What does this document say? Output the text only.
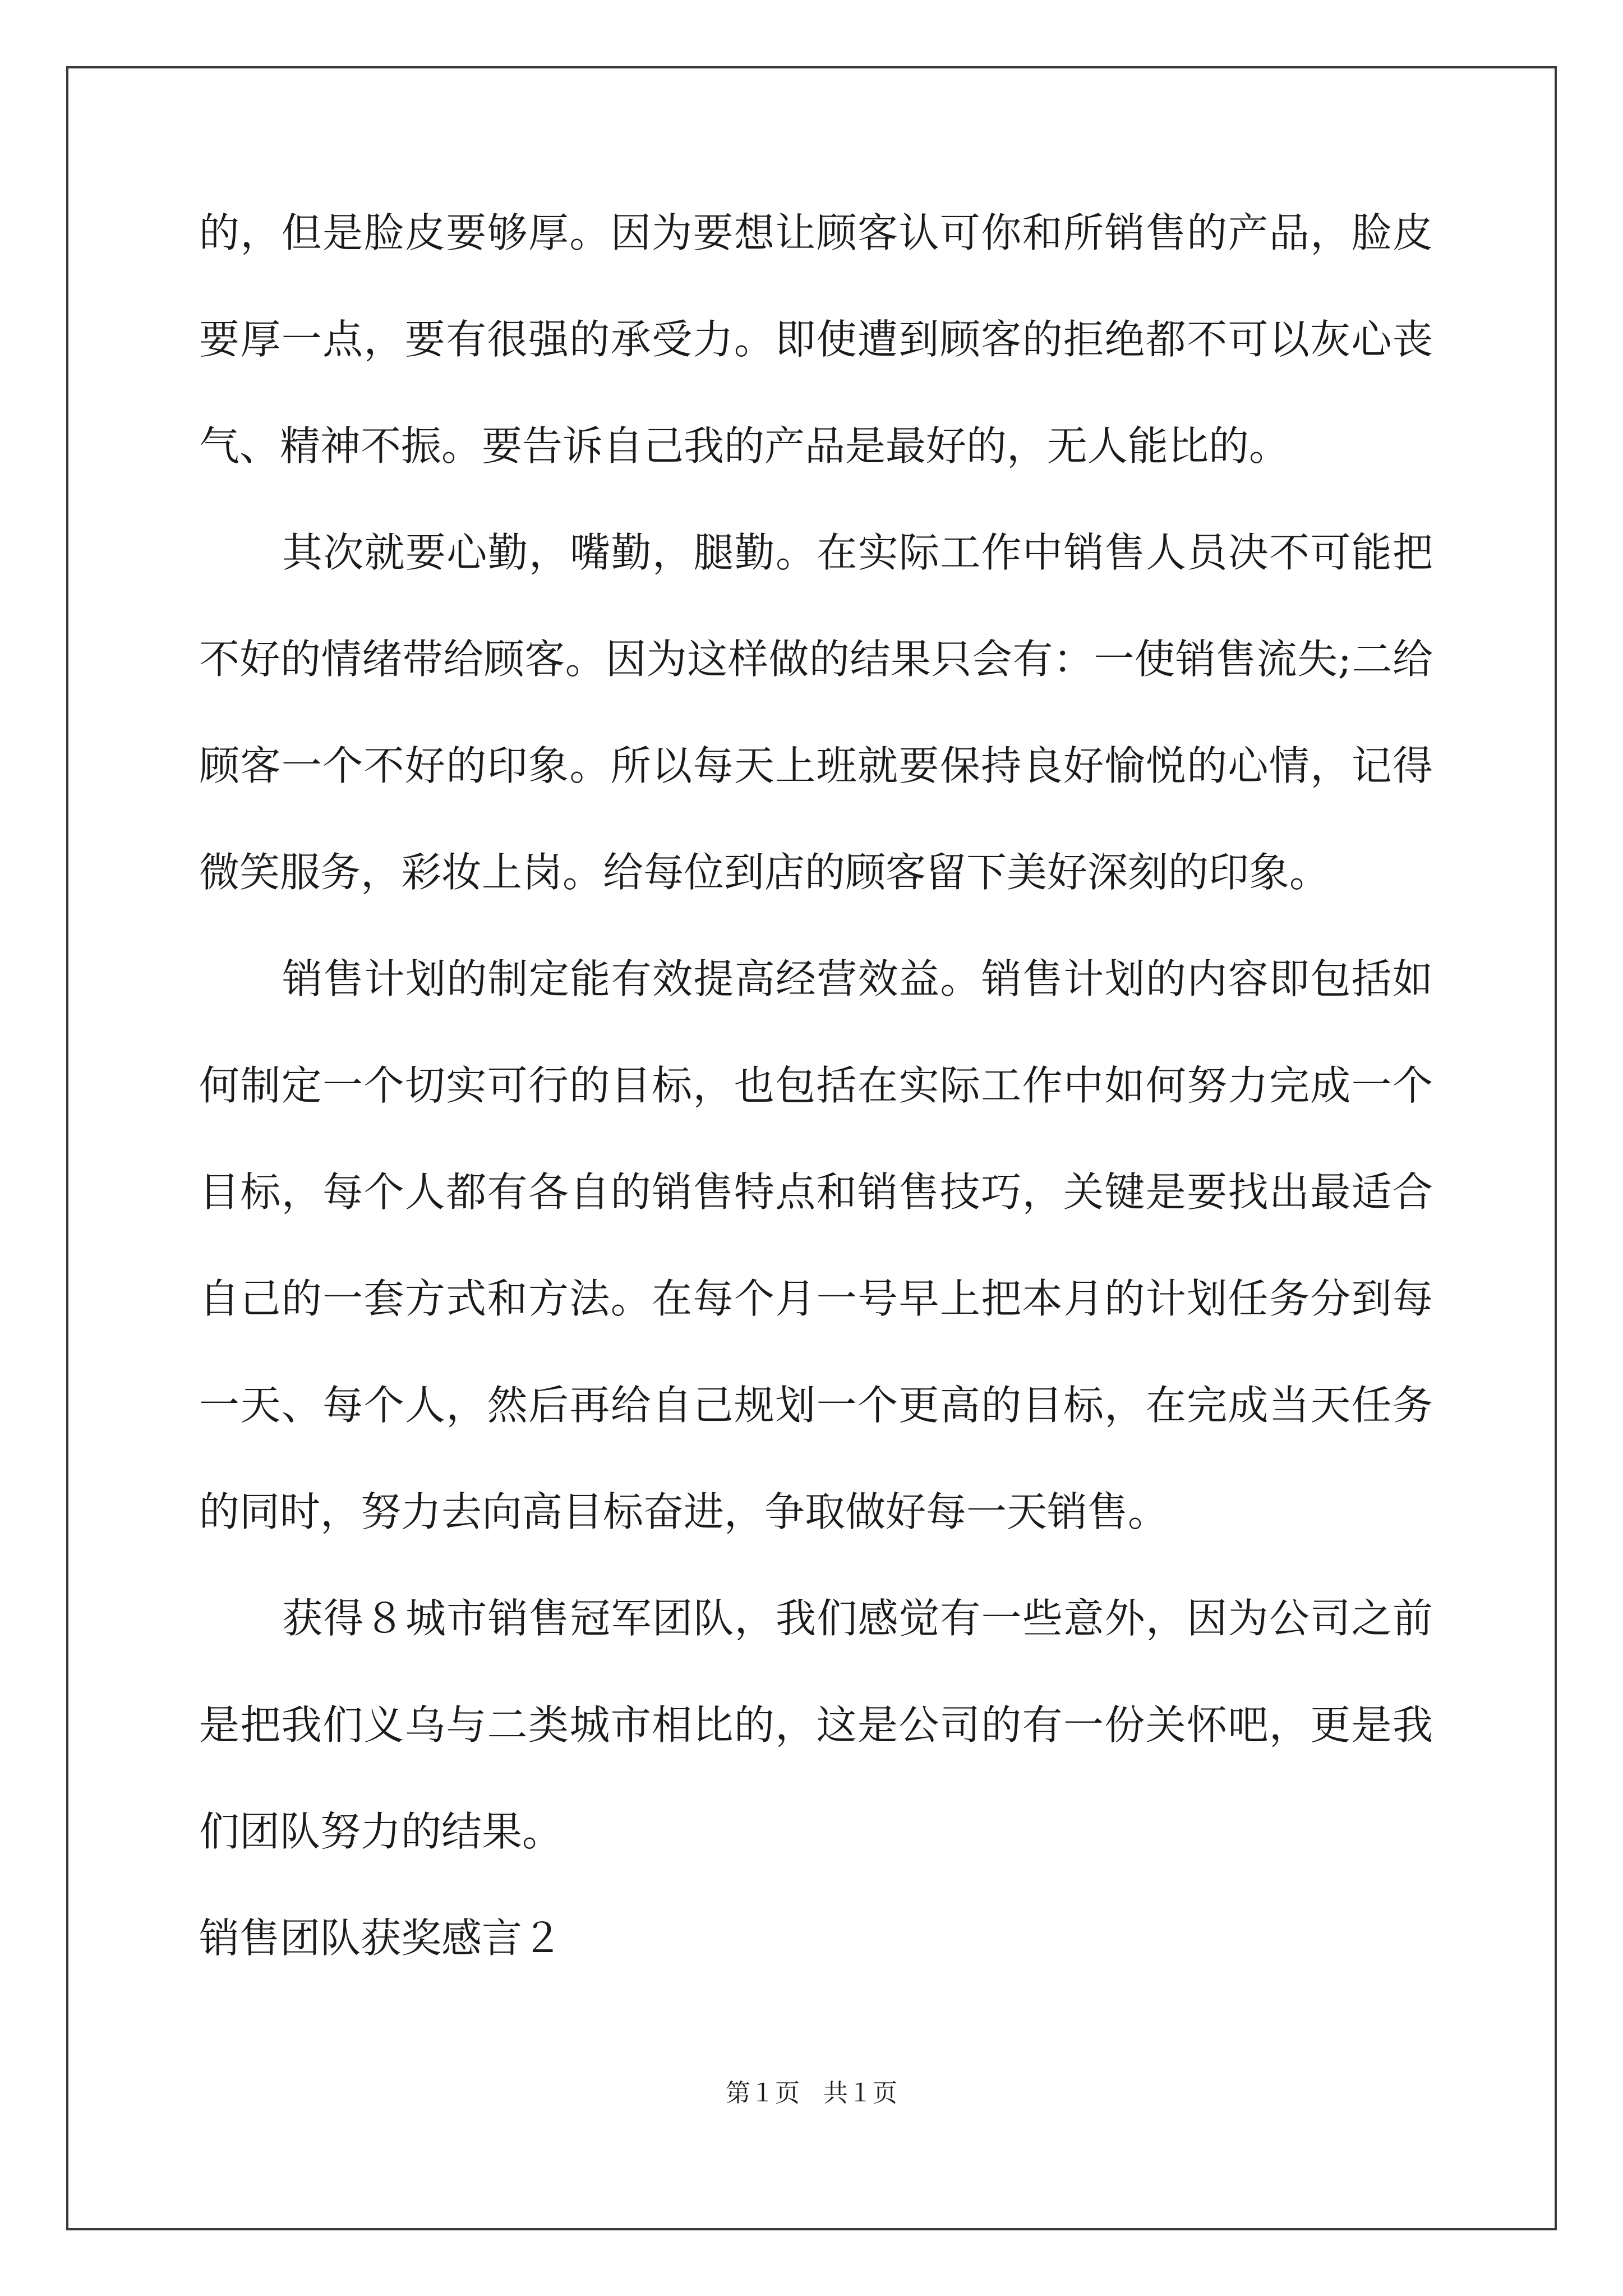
的，但是脸皮要够厚。因为要想让顾客认可你和所销售的产品，脸皮
要厚一点，要有很强的承受力。即使遭到顾客的拒绝都不可以灰心丧
气、精神不振。要告诉自己我的产品是最好的，无人能比的。
其次就要心勤，嘴勤，腿勤。在实际工作中销售人员决不可能把
不好的情绪带给顾客。因为这样做的结果只会有：一使销售流失;二给
顾客一个不好的印象。所以每天上班就要保持良好愉悦的心情，记得
微笑服务，彩妆上岗。给每位到店的顾客留下美好深刻的印象。
销售计划的制定能有效提高经营效益。销售计划的内容即包括如
何制定一个切实可行的目标，也包括在实际工作中如何努力完成一个
目标，每个人都有各自的销售特点和销售技巧，关键是要找出最适合
自己的一套方式和方法。在每个月一号早上把本月的计划任务分到每
一天、每个人，然后再给自己规划一个更高的目标，在完成当天任务
的同时，努力去向高目标奋进，争取做好每一天销售。
获得８城市销售冠军团队，我们感觉有一些意外，因为公司之前
是把我们义乌与二类城市相比的，这是公司的有一份关怀吧，更是我
们团队努力的结果。
销售团队获奖感言２
第１页 共１页
